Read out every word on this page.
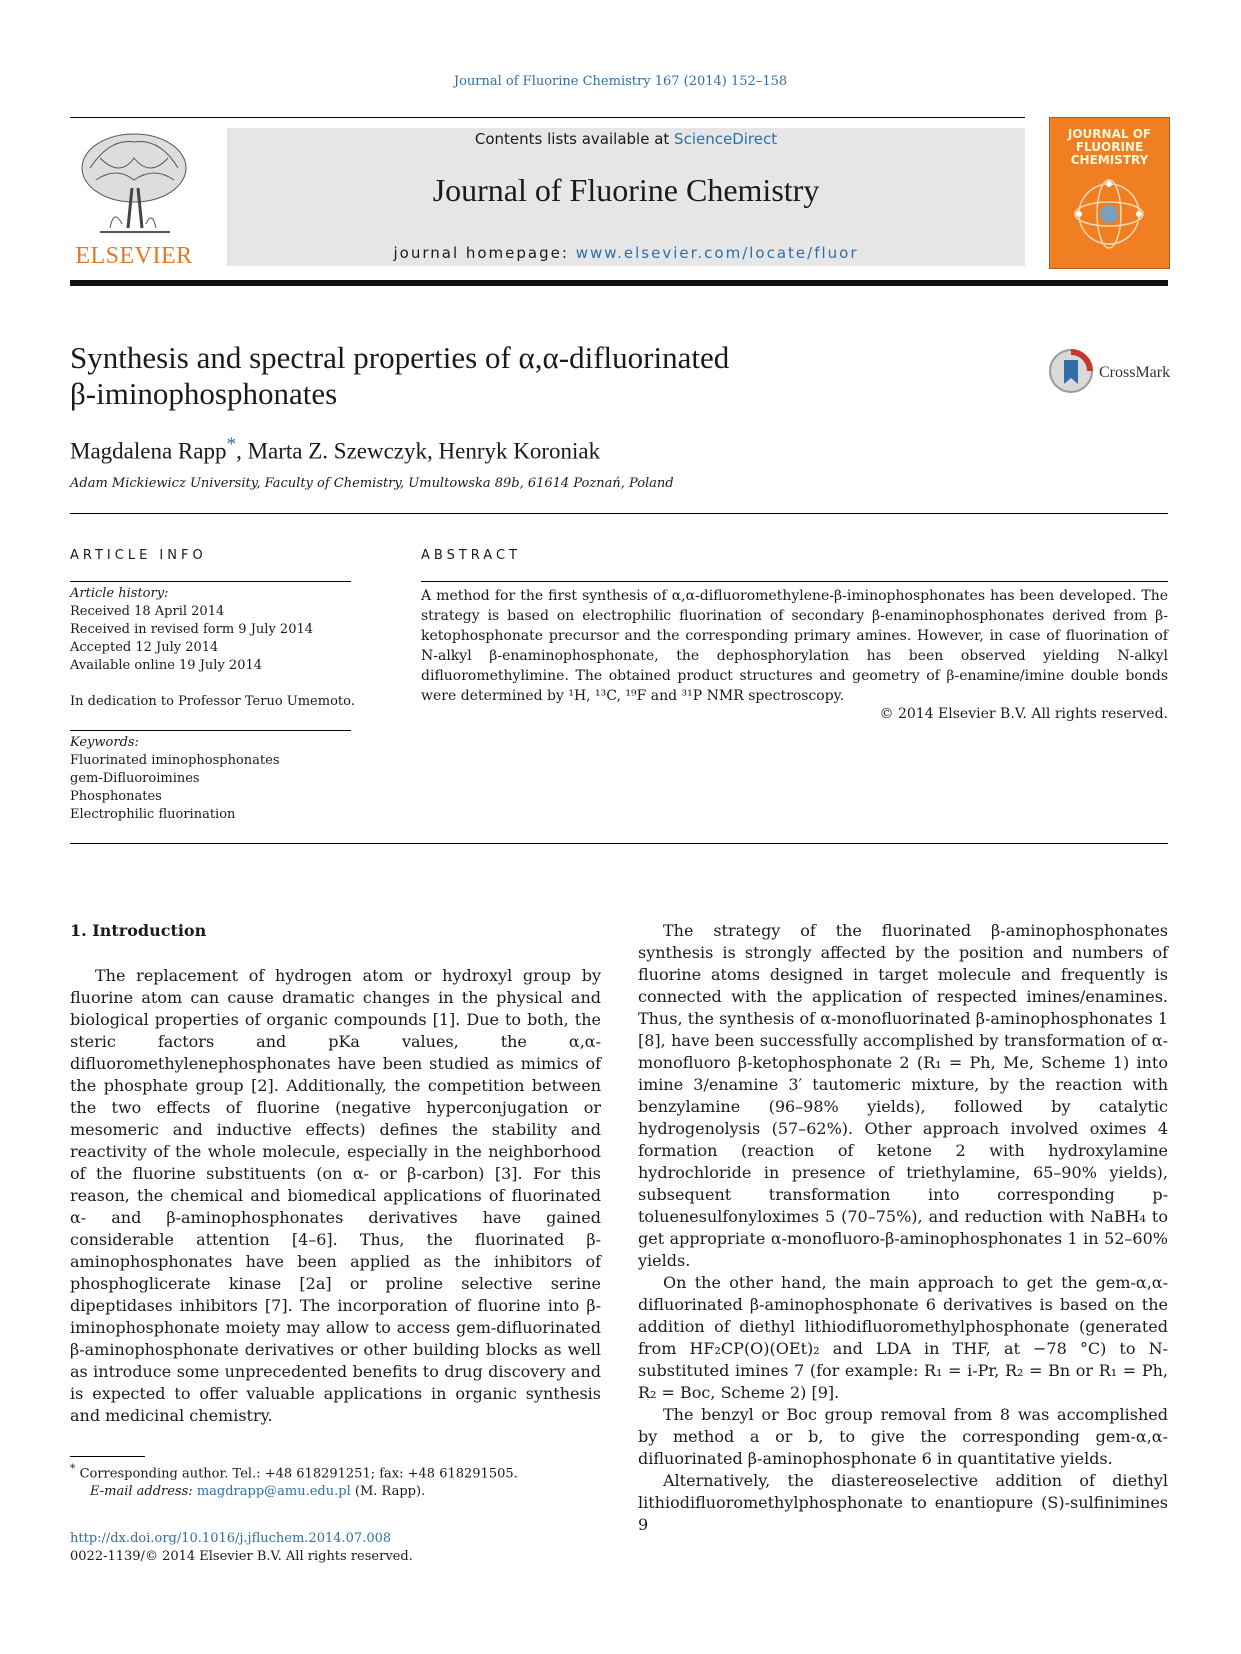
Journal of Fluorine Chemistry 167 (2014) 152–158
ELSEVIER
Contents lists available at ScienceDirect
Journal of Fluorine Chemistry
journal homepage: www.elsevier.com/locate/fluor
JOURNAL OF
FLUORINE
CHEMISTRY
Synthesis and spectral properties of α,α-difluorinated
β-iminophosphonates
CrossMark
Magdalena Rapp*, Marta Z. Szewczyk, Henryk Koroniak
Adam Mickiewicz University, Faculty of Chemistry, Umultowska 89b, 61614 Poznań, Poland
ARTICLE INFO
Article history:
Received 18 April 2014
Received in revised form 9 July 2014
Accepted 12 July 2014
Available online 19 July 2014
In dedication to Professor Teruo Umemoto.
Keywords:
Fluorinated iminophosphonates
gem-Difluoroimines
Phosphonates
Electrophilic fluorination
ABSTRACT
A method for the first synthesis of α,α-difluoromethylene-β-iminophosphonates has been developed. The strategy is based on electrophilic fluorination of secondary β-enaminophosphonates derived from β-ketophosphonate precursor and the corresponding primary amines. However, in case of fluorination of N-alkyl β-enaminophosphonate, the dephosphorylation has been observed yielding N-alkyl difluoromethylimine. The obtained product structures and geometry of β-enamine/imine double bonds were determined by ¹H, ¹³C, ¹⁹F and ³¹P NMR spectroscopy.
© 2014 Elsevier B.V. All rights reserved.
1. Introduction

The replacement of hydrogen atom or hydroxyl group by fluorine atom can cause dramatic changes in the physical and biological properties of organic compounds [1]. Due to both, the steric factors and pKa values, the α,α-difluoromethylenephosphonates have been studied as mimics of the phosphate group [2]. Additionally, the competition between the two effects of fluorine (negative hyperconjugation or mesomeric and inductive effects) defines the stability and reactivity of the whole molecule, especially in the neighborhood of the fluorine substituents (on α- or β-carbon) [3]. For this reason, the chemical and biomedical applications of fluorinated α- and β-aminophosphonates derivatives have gained considerable attention [4–6]. Thus, the fluorinated β-aminophosphonates have been applied as the inhibitors of phosphoglicerate kinase [2a] or proline selective serine dipeptidases inhibitors [7]. The incorporation of fluorine into β-iminophosphonate moiety may allow to access gem-difluorinated β-aminophosphonate derivatives or other building blocks as well as introduce some unprecedented benefits to drug discovery and is expected to offer valuable applications in organic synthesis and medicinal chemistry.

The strategy of the fluorinated β-aminophosphonates synthesis is strongly affected by the position and numbers of fluorine atoms designed in target molecule and frequently is connected with the application of respected imines/enamines. Thus, the synthesis of α-monofluorinated β-aminophosphonates 1 [8], have been successfully accomplished by transformation of α-monofluoro β-ketophosphonate 2 (R₁ = Ph, Me, Scheme 1) into imine 3/enamine 3′ tautomeric mixture, by the reaction with benzylamine (96–98% yields), followed by catalytic hydrogenolysis (57–62%). Other approach involved oximes 4 formation (reaction of ketone 2 with hydroxylamine hydrochloride in presence of triethylamine, 65–90% yields), subsequent transformation into corresponding p-toluenesulfonyloximes 5 (70–75%), and reduction with NaBH₄ to get appropriate α-monofluoro-β-aminophosphonates 1 in 52–60% yields.

On the other hand, the main approach to get the gem-α,α-difluorinated β-aminophosphonate 6 derivatives is based on the addition of diethyl lithiodifluoromethylphosphonate (generated from HF₂CP(O)(OEt)₂ and LDA in THF, at −78 °C) to N-substituted imines 7 (for example: R₁ = i-Pr, R₂ = Bn or R₁ = Ph, R₂ = Boc, Scheme 2) [9].

The benzyl or Boc group removal from 8 was accomplished by method a or b, to give the corresponding gem-α,α-difluorinated β-aminophosphonate 6 in quantitative yields.

Alternatively, the diastereoselective addition of diethyl lithiodifluoromethylphosphonate to enantiopure (S)-sulfinimines 9

* Corresponding author. Tel.: +48 618291251; fax: +48 618291505.
E-mail address: magdrapp@amu.edu.pl (M. Rapp).
http://dx.doi.org/10.1016/j.jfluchem.2014.07.008
0022-1139/© 2014 Elsevier B.V. All rights reserved.
